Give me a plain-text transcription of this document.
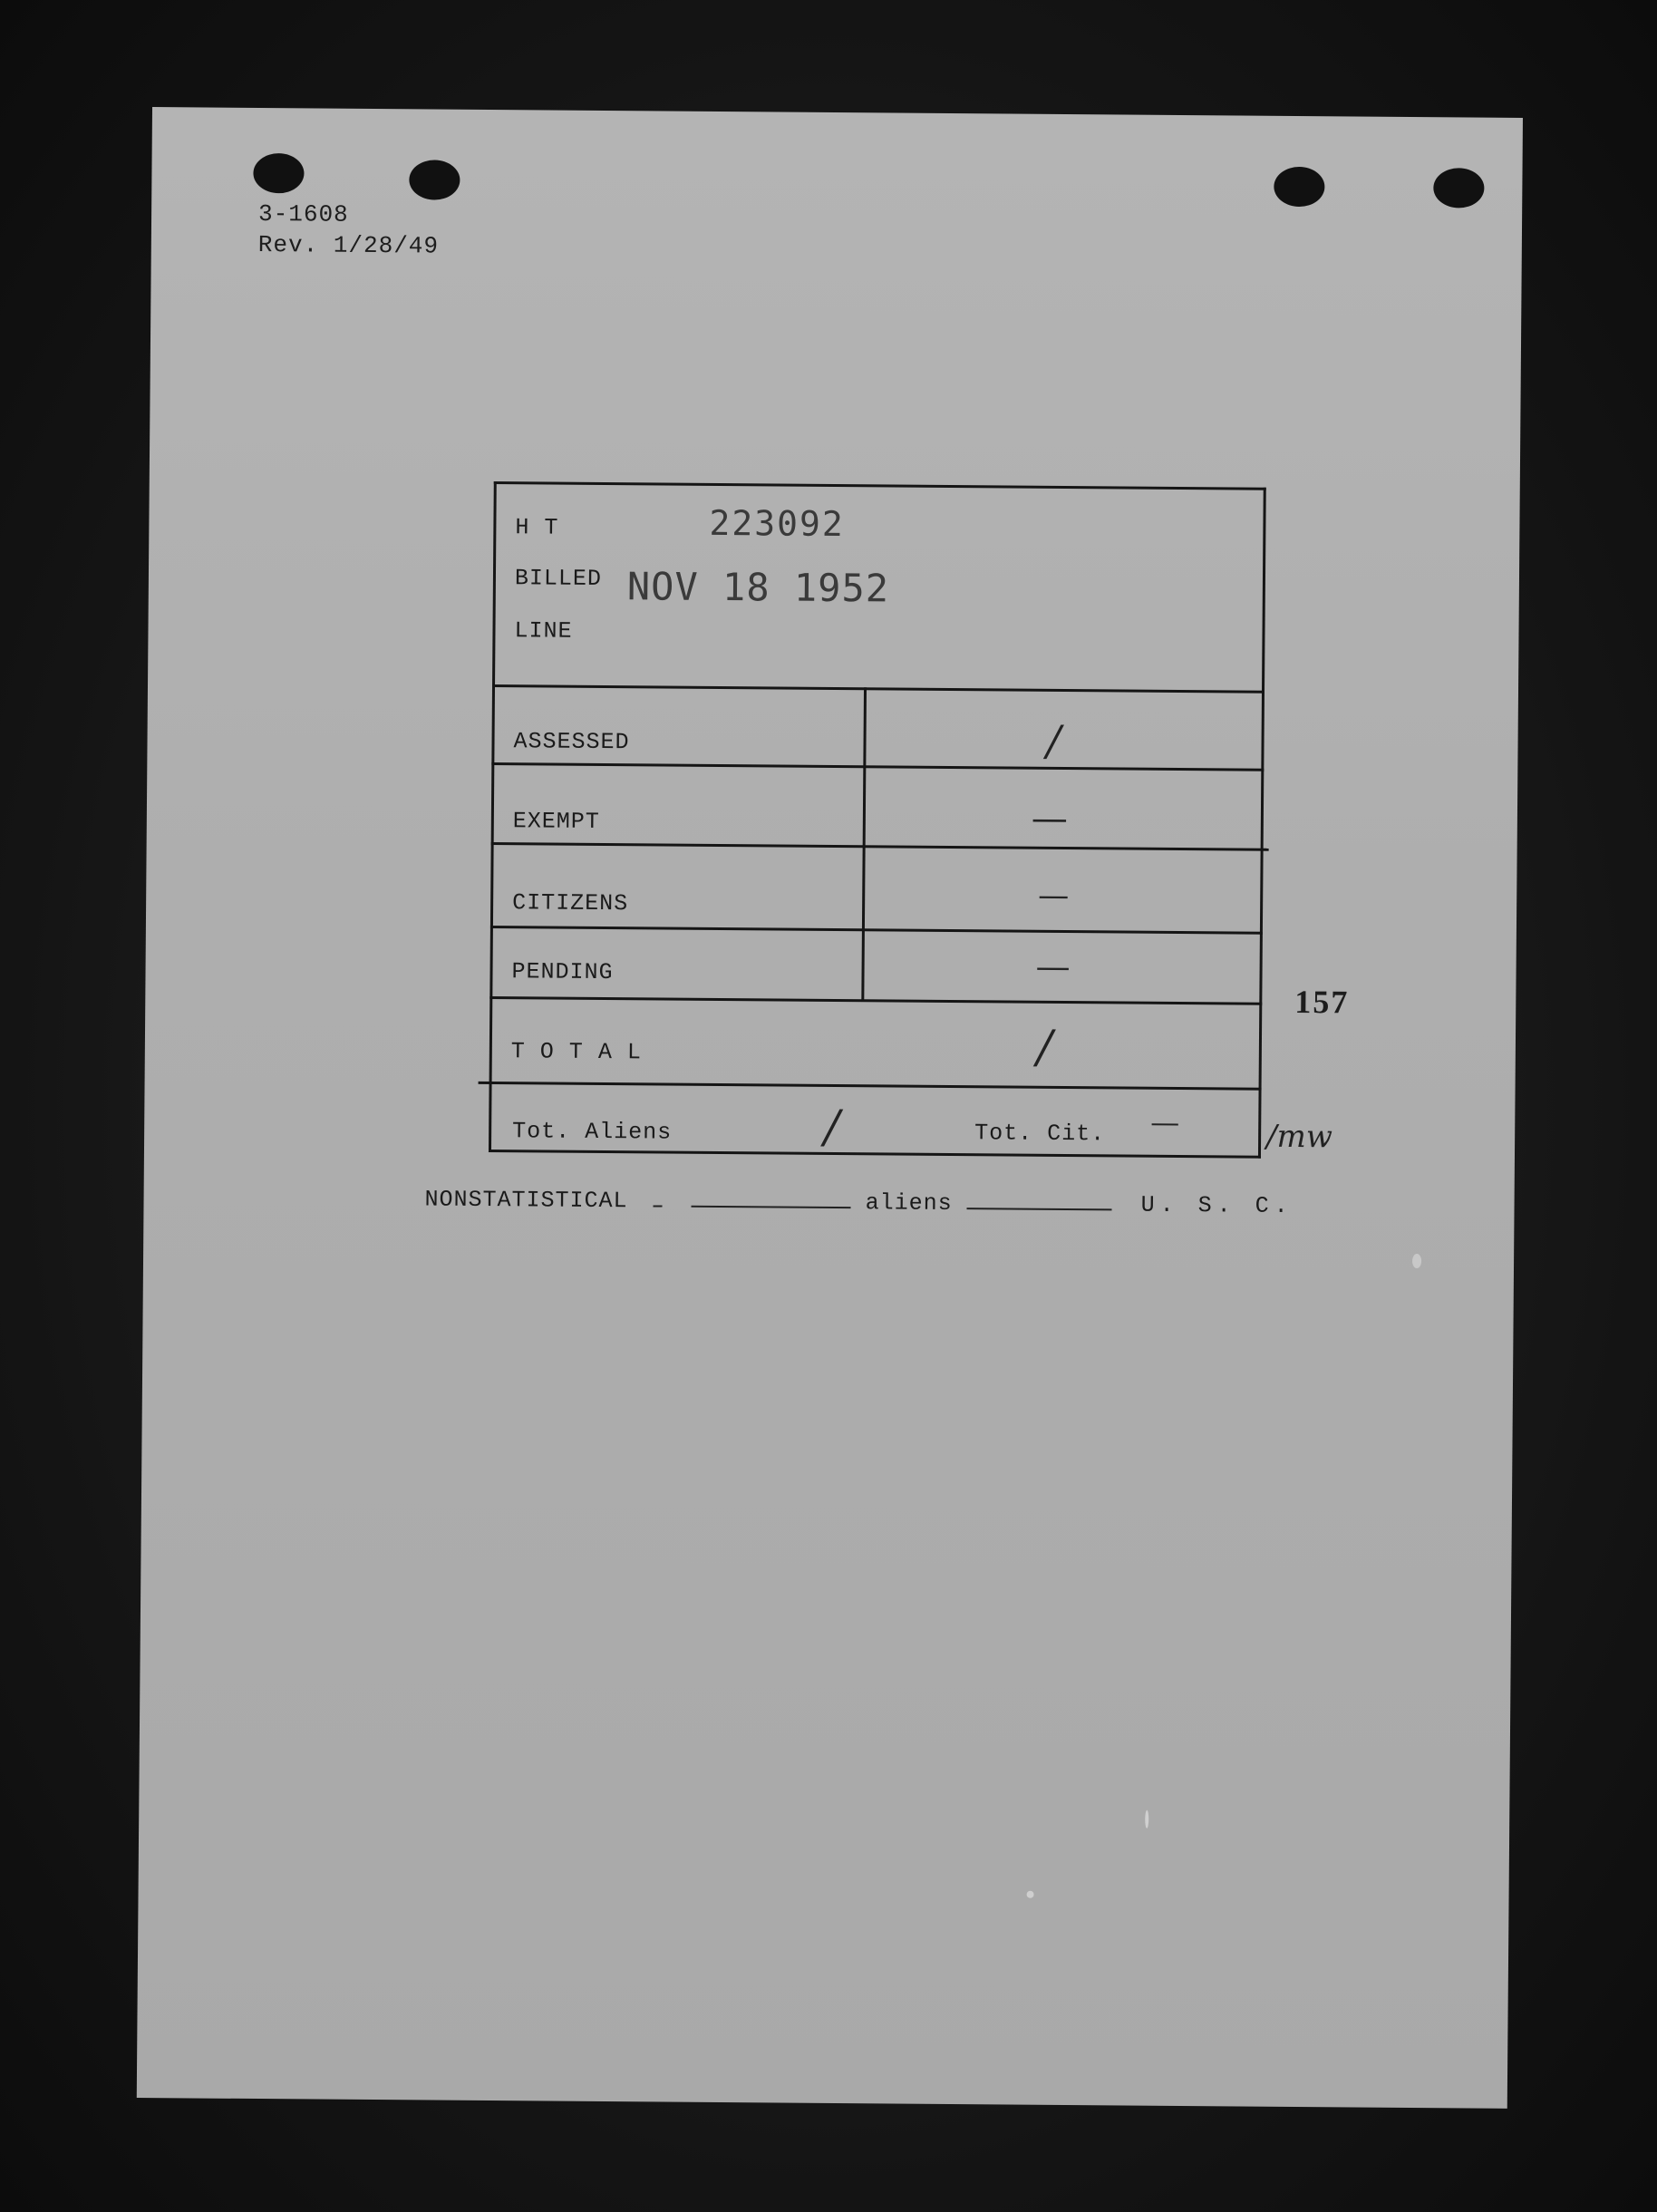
3-1608
Rev. 1/28/49
H T	223092
BILLED NOV 18 1952
LINE
ASSESSED	/
EXEMPT	—
CITIZENS	—
PENDING	—
T O T A L	/
Tot. Aliens	/	Tot. Cit. —
157
/mw
NONSTATISTICAL	aliens	U. S. C.
